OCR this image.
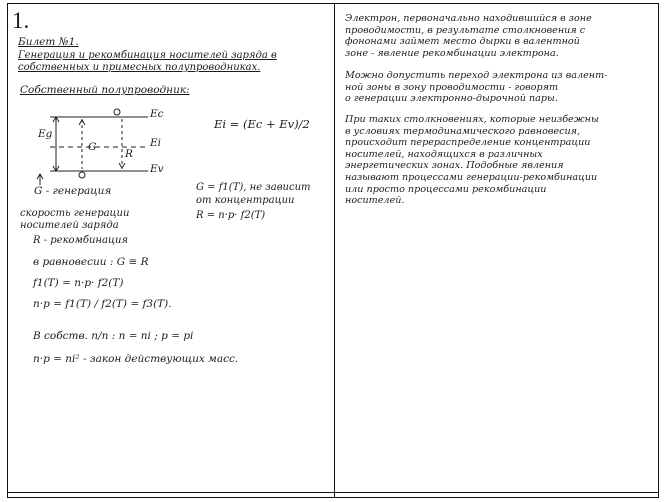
1.
Билет №1.
Генерация и рекомбинация носителей заряда в
собственных и примесных полупроводниках.
Собственный полупроводник:
Ec
Ei
Ev
Eg
G
R
Ei = (Ec + Ev)/2
G - генерация	G = f1(T), не зависит
от концентрации
скорость генерации
носителей заряда
R = n·p· f2(T)
R - рекомбинация
в равновесии : G ≡ R
f1(T) = n·p· f2(T)
n·p = f1(T) / f2(T) = f3(T).
В собств. п/п : n = ni ; p = pi
n·p = ni² - закон действующих масс.
Электрон, первоначально находившийся в зоне
проводимости, в результате столкновения с
фононами займет место дырки в валентной
зоне - явление рекомбинации электрона.
Можно допустить переход электрона из валент-
ной зоны в зону проводимости - говорят
о генерации электронно-дырочной пары.
При таких столкновениях, которые неизбежны
в условиях термодинамического равновесия,
происходит перераспределение концентрации
носителей, находящихся в различных
энергетических зонах. Подобные явления
называют процессами генерации-рекомбинации
или просто процессами рекомбинации
носителей.
